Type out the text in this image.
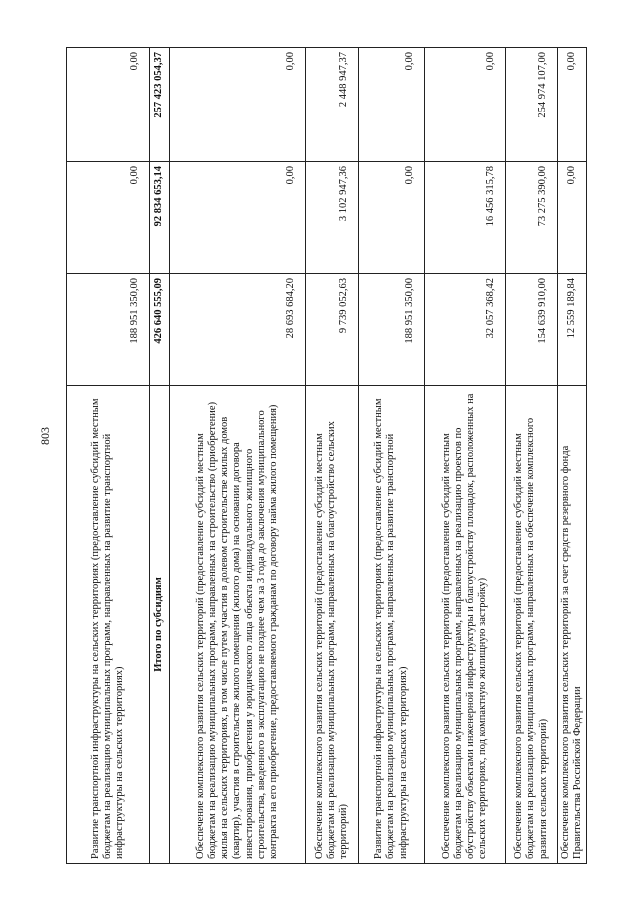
803	Развитие транспортной инфраструктуры на сельских территориях (предоставление субсидий местным бюджетам на реализацию муниципальных программ, направленных на развитие транспортной инфраструктуры на сельских территориях)	188 951 350,00	0,00	0,00
Итого по субсидиям	426 640 555,09	92 834 653,14	257 423 054,37
Обеспечение комплексного развития сельских территорий (предоставление субсидий местным бюджетам на реализацию муниципальных программ, направленных на строительство (приобретение) жилья на сельских территориях, в том числе путем участия в долевом строительстве жилых домов (квартир), участия в строительстве жилого помещения (жилого дома) на основании договора инвестирования, приобретения у юридического лица объекта индивидуального жилищного строительства, введенного в эксплуатацию не позднее чем за 3 года до заключения муниципального контракта на его приобретение, предоставляемого гражданам по договору найма жилого помещения)	28 693 684,20	0,00	0,00
Обеспечение комплексного развития сельских территорий (предоставление субсидий местным бюджетам на реализацию муниципальных программ, направленных на благоустройство сельских территорий)	9 739 052,63	3 102 947,36	2 448 947,37
Развитие транспортной инфраструктуры на сельских территориях (предоставление субсидий местным бюджетам на реализацию муниципальных программ, направленных на развитие транспортной инфраструктуры на сельских территориях)	188 951 350,00	0,00	0,00
Обеспечение комплексного развития сельских территорий (предоставление субсидий местным бюджетам на реализацию муниципальных программ, направленных на реализацию проектов по обустройству объектами инженерной инфраструктуры и благоустройству площадок, расположенных на сельских территориях, под компактную жилищную застройку)	32 057 368,42	16 456 315,78	0,00
Обеспечение комплексного развития сельских территорий (предоставление субсидий местным бюджетам на реализацию муниципальных программ, направленных на обеспечение комплексного развития сельских территорий)	154 639 910,00	73 275 390,00	254 974 107,00
Обеспечение комплексного развития сельских территорий за счет средств резервного фонда Правительства Российской Федерации	12 559 189,84	0,00	0,00
